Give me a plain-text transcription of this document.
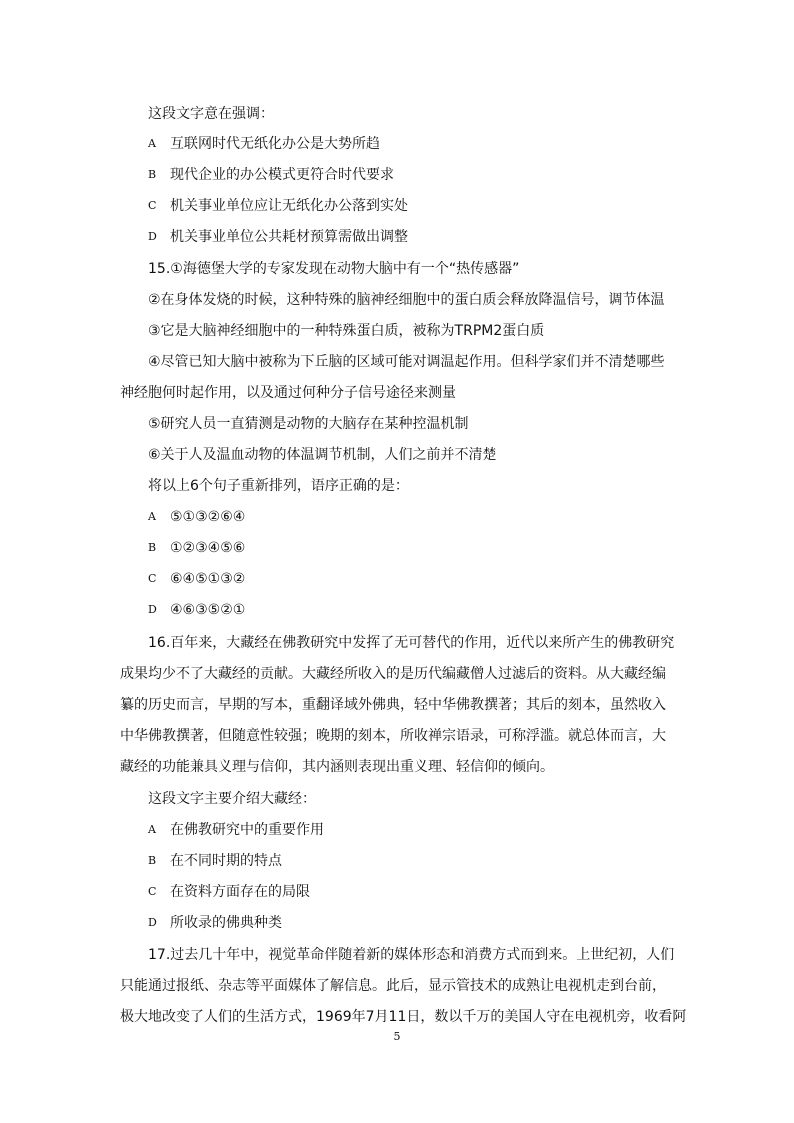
这段文字意在强调：
A	互联网时代无纸化办公是大势所趋
B 现代企业的办公模式更符合时代要求
C 机关事业单位应让无纸化办公落到实处
D 机关事业单位公共耗材预算需做出调整
15.①海德堡大学的专家发现在动物大脑中有一个“热传感器”
②在身体发烧的时候，这种特殊的脑神经细胞中的蛋白质会释放降温信号，调节体温
③它是大脑神经细胞中的一种特殊蛋白质，被称为TRPM2蛋白质
④尽管已知大脑中被称为下丘脑的区域可能对调温起作用。但科学家们并不清楚哪些
神经胞何时起作用，以及通过何种分子信号途径来测量
⑤研究人员一直猜测是动物的大脑存在某种控温机制
⑥关于人及温血动物的体温调节机制，人们之前并不清楚
将以上6个句子重新排列，语序正确的是：
A	⑤①③②⑥④
B ①②③④⑤⑥
C ⑥④⑤①③②
D ④⑥③⑤②①
16.百年来，大藏经在佛教研究中发挥了无可替代的作用，近代以来所产生的佛教研究
成果均少不了大藏经的贡献。大藏经所收入的是历代编藏僧人过滤后的资料。从大藏经编
纂的历史而言，早期的写本，重翻译域外佛典，轻中华佛教撰著；其后的刻本，虽然收入
中华佛教撰著，但随意性较强；晚期的刻本，所收禅宗语录，可称浮滥。就总体而言，大
藏经的功能兼具义理与信仰，其内涵则表现出重义理、轻信仰的倾向。
这段文字主要介绍大藏经：
A	在佛教研究中的重要作用
B 在不同时期的特点
C 在资料方面存在的局限
D 所收录的佛典种类
17.过去几十年中，视觉革命伴随着新的媒体形态和消费方式而到来。上世纪初，人们
只能通过报纸、杂志等平面媒体了解信息。此后，显示管技术的成熟让电视机走到台前，
极大地改变了人们的生活方式，1969年7月11日，数以千万的美国人守在电视机旁，收看阿
5
